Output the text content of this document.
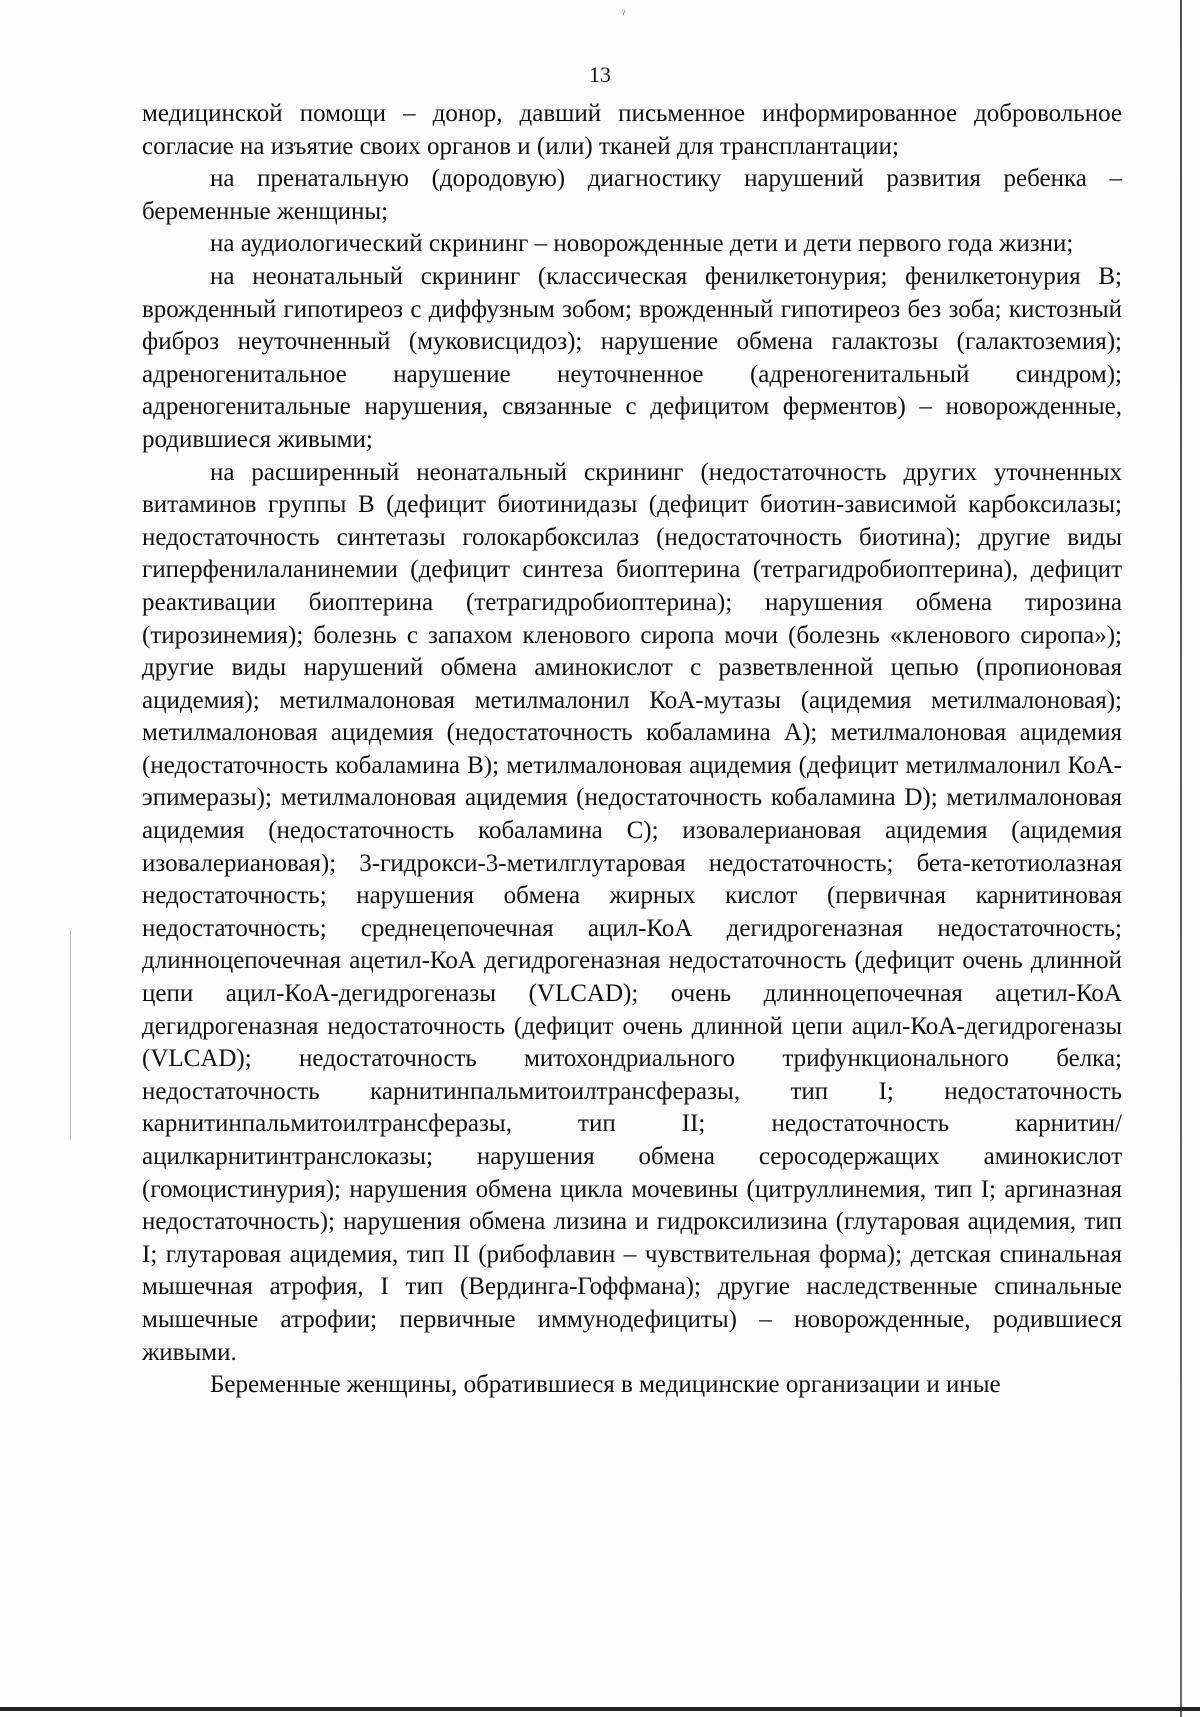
ˀ
13

медицинской помощи – донор, давший письменное информированное добровольное согласие на изъятие своих органов и (или) тканей для трансплантации;

на пренатальную (дородовую) диагностику нарушений развития ребенка – беременные женщины;

на аудиологический скрининг – новорожденные дети и дети первого года жизни;

на неонатальный скрининг (классическая фенилкетонурия; фенилкетонурия В; врожденный гипотиреоз с диффузным зобом; врожденный гипотиреоз без зоба; кистозный фиброз неуточненный (муковисцидоз); нарушение обмена галактозы (галактоземия); адреногенитальное нарушение неуточненное (адреногенитальный синдром); адреногенитальные нарушения, связанные с дефицитом ферментов) – новорожденные, родившиеся живыми;

на расширенный неонатальный скрининг (недостаточность других уточненных витаминов группы В (дефицит биотинидазы (дефицит биотин-зависимой карбоксилазы; недостаточность синтетазы голокарбоксилаз (недостаточность биотина); другие виды гиперфенилаланинемии (дефицит синтеза биоптерина (тетрагидробиоптерина), дефицит реактивации биоптерина (тетрагидробиоптерина); нарушения обмена тирозина (тирозинемия); болезнь с запахом кленового сиропа мочи (болезнь «кленового сиропа»); другие виды нарушений обмена аминокислот с разветвленной цепью (пропионовая ацидемия); метилмалоновая метилмалонил КоА-мутазы (ацидемия метилмалоновая); метилмалоновая ацидемия (недостаточность кобаламина А); метилмалоновая ацидемия (недостаточность кобаламина В); метилмалоновая ацидемия (дефицит метилмалонил КоА-эпимеразы); метилмалоновая ацидемия (недостаточность кобаламина D); метилмалоновая ацидемия (недостаточность кобаламина С); изовалериановая ацидемия (ацидемия изовалериановая); 3-гидрокси-3-метилглутаровая недостаточность; бета-кетотиолазная недостаточность; нарушения обмена жирных кислот (первичная карнитиновая недостаточность; среднецепочечная ацил-КоА дегидрогеназная недостаточность; длинноцепочечная ацетил-КоА дегидрогеназная недостаточность (дефицит очень длинной цепи ацил-КоА-дегидрогеназы (VLCAD); очень длинноцепочечная ацетил-КоА дегидрогеназная недостаточность (дефицит очень длинной цепи ацил-КоА-дегидрогеназы (VLCAD); недостаточность митохондриального трифункционального белка; недостаточность карнитинпальмитоилтрансферазы, тип I; недостаточность карнитинпальмитоилтрансферазы, тип II; недостаточность карнитин/ ацилкарнитинтранслоказы; нарушения обмена серосодержащих аминокислот (гомоцистинурия); нарушения обмена цикла мочевины (цитруллинемия, тип I; аргиназная недостаточность); нарушения обмена лизина и гидроксилизина (глутаровая ацидемия, тип I; глутаровая ацидемия, тип II (рибофлавин – чувствительная форма); детская спинальная мышечная атрофия, I тип (Вердинга-Гоффмана); другие наследственные спинальные мышечные атрофии; первичные иммунодефициты) – новорожденные, родившиеся живыми.

Беременные женщины, обратившиеся в медицинские организации и иные
